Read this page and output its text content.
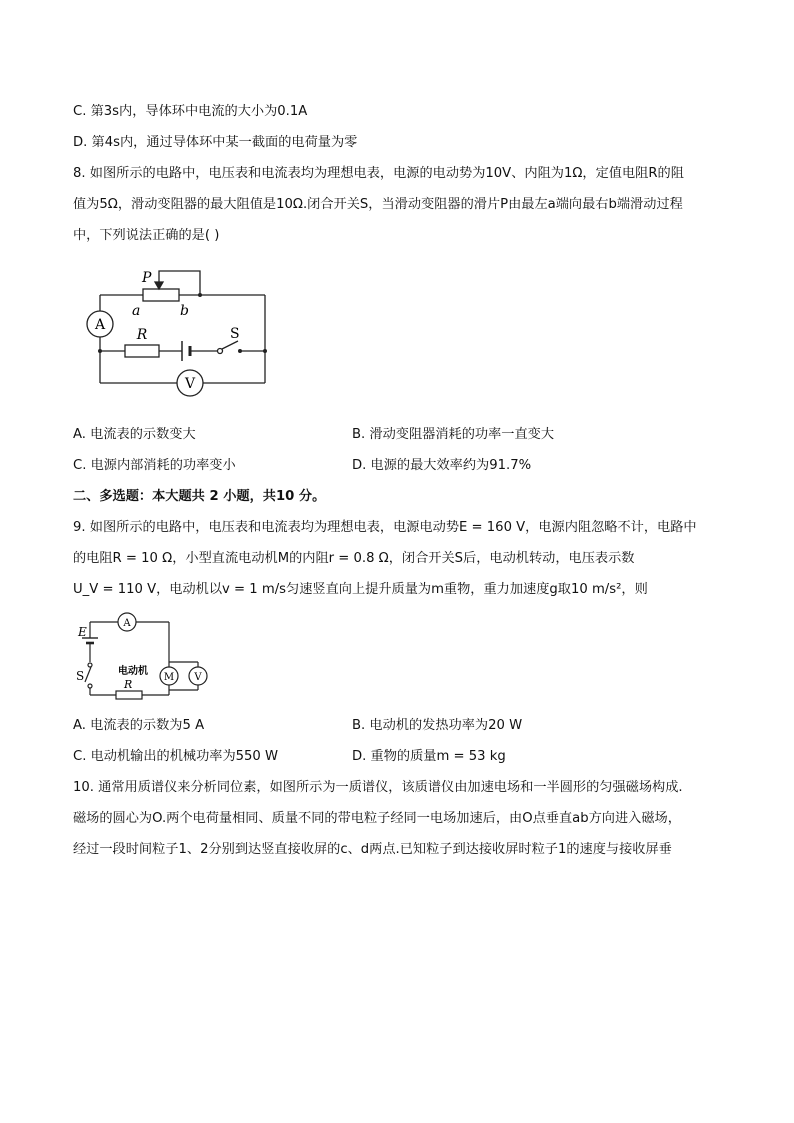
C. 第3s内，导体环中电流的大小为0.1A
D. 第4s内，通过导体环中某一截面的电荷量为零
8. 如图所示的电路中，电压表和电流表均为理想电表，电源的电动势为10V、内阻为1Ω，定值电阻R的阻
值为5Ω，滑动变阻器的最大阻值是10Ω.闭合开关S，当滑动变阻器的滑片P由最左a端向最右b端滑动过程
中，下列说法正确的是( )
A
P
a	b
R	S
V
A. 电流表的示数变大	B. 滑动变阻器消耗的功率一直变大
C. 电源内部消耗的功率变小	D. 电源的最大效率约为91.7%
二、多选题：本大题共 2 小题，共10 分。
9. 如图所示的电路中，电压表和电流表均为理想电表，电源电动势E = 160 V，电源内阻忽略不计，电路中
的电阻R = 10 Ω，小型直流电动机M的内阻r = 0.8 Ω，闭合开关S后，电动机转动，电压表示数
U_V = 110 V，电动机以v = 1 m/s匀速竖直向上提升质量为m重物，重力加速度g取10 m/s²，则
E
A
S	电动机
M V
R
A. 电流表的示数为5 A	B. 电动机的发热功率为20 W
C. 电动机输出的机械功率为550 W	D. 重物的质量m = 53 kg
10. 通常用质谱仪来分析同位素，如图所示为一质谱仪，该质谱仪由加速电场和一半圆形的匀强磁场构成.
磁场的圆心为O.两个电荷量相同、质量不同的带电粒子经同一电场加速后，由O点垂直ab方向进入磁场，
经过一段时间粒子1、2分别到达竖直接收屏的c、d两点.已知粒子到达接收屏时粒子1的速度与接收屏垂
